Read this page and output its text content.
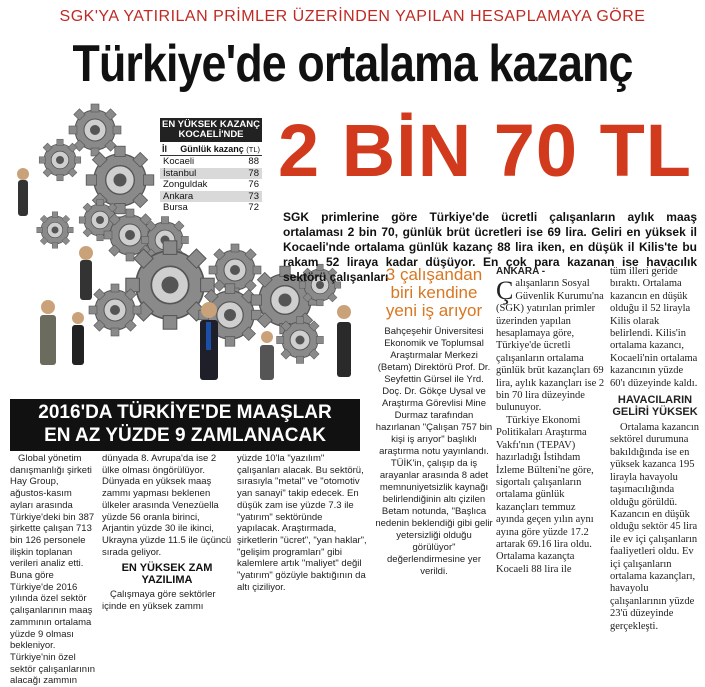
SGK'YA YATIRILAN PRİMLER ÜZERİNDEN YAPILAN HESAPLAMAYA GÖRE
Türkiye'de ortalama kazanç
EN YÜKSEK KAZANÇ KOCAELİ'NDE
İl Günlük kazanç (TL)
Kocaeli	88
İstanbul	78
Zonguldak	76
Ankara	73
Bursa	72
2 BİN 70 TL
SGK primlerine göre Türkiye'de ücretli çalışanların aylık maaş ortalaması 2 bin 70, günlük brüt ücretleri ise 69 lira. Geliri en yüksek il Kocaeli'nde ortalama günlük kazanç 88 lira iken, en düşük il Kilis'te bu rakam 52 liraya kadar düşüyor. En çok para kazanan ise havacılık sektörü çalışanları
3 çalışandan biri kendine yeni iş arıyor
Bahçeşehir Üniversitesi Ekonomik ve Toplumsal Araştırmalar Merkezi (Betam) Direktörü Prof. Dr. Seyfettin Gürsel ile Yrd. Doç. Dr. Gökçe Uysal ve Araştırma Görevlisi Mine Durmaz tarafından hazırlanan "Çalışan 757 bin kişi iş arıyor" başlıklı araştırma notu yayınlandı. TÜİK'in, çalışıp da iş arayanlar arasında 8 adet memnuniyetsizlik kaynağı belirlendiğinin altı çizilen Betam notunda, "Başlıca nedenin beklendiği gibi gelir yetersizliği olduğu görülüyor" değerlendirmesine yer verildi.
ANKARA -
Çalışanların Sosyal Güvenlik Kurumu'na (SGK) yatırılan primler üzerinden yapılan hesaplamaya göre, Türkiye'de ücretli çalışanların ortalama günlük brüt kazançları 69 lira, aylık kazançları ise 2 bin 70 lira düzeyinde bulunuyor.
Türkiye Ekonomi Politikaları Araştırma Vakfı'nın (TEPAV) hazırladığı İstihdam İzleme Bülteni'ne göre, sigortalı çalışanların ortalama günlük kazançları temmuz ayında geçen yılın aynı ayına göre yüzde 17.2 artarak 69.16 lira oldu. Ortalama kazançta Kocaeli 88 lira ile
tüm illeri geride bıraktı. Ortalama kazancın en düşük olduğu il 52 lirayla Kilis olarak belirlendi. Kilis'in ortalama kazancı, Kocaeli'nin ortalama kazancının yüzde 60'ı düzeyinde kaldı.
HAVACILARIN GELİRİ YÜKSEK
Ortalama kazancın sektörel durumuna bakıldığında ise en yüksek kazanca 195 lirayla havayolu taşımacılığında olduğu görüldü. Kazancın en düşük olduğu sektör 45 lira ile ev içi çalışanların faaliyetleri oldu. Ev içi çalışanların ortalama kazançları, havayolu çalışanlarının yüzde 23'ü düzeyinde gerçekleşti.
2016'DA TÜRKİYE'DE MAAŞLAR
EN AZ YÜZDE 9 ZAMLANACAK
Global yönetim danışmanlığı şirketi Hay Group, ağustos-kasım ayları arasında Türkiye'deki bin 387 şirkette çalışan 713 bin 126 personele ilişkin toplanan verileri analiz etti. Buna göre Türkiye'de 2016 yılında özel sektör çalışanlarının maaş zammının ortalama yüzde 9 olması bekleniyor. Türkiye'nin özel sektör çalışanlarının alacağı zammın
dünyada 8. Avrupa'da ise 2 ülke olması öngörülüyor. Dünyada en yüksek maaş zammı yapması beklenen ülkeler arasında Venezüella yüzde 56 oranla birinci, Arjantin yüzde 30 ile ikinci, Ukrayna yüzde 11.5 ile üçüncü sırada geliyor.
EN YÜKSEK ZAM YAZILIMA
Çalışmaya göre sektörler içinde en yüksek zammı
yüzde 10'la "yazılım" çalışanları alacak. Bu sektörü, sırasıyla "metal" ve "otomotiv yan sanayi" takip edecek. En düşük zam ise yüzde 7.3 ile "yatırım" sektöründe yapılacak. Araştırmada, şirketlerin "ücret", "yan haklar", "gelişim programları" gibi kalemlere artık "maliyet" değil "yatırım" gözüyle baktığının da altı çiziliyor.
